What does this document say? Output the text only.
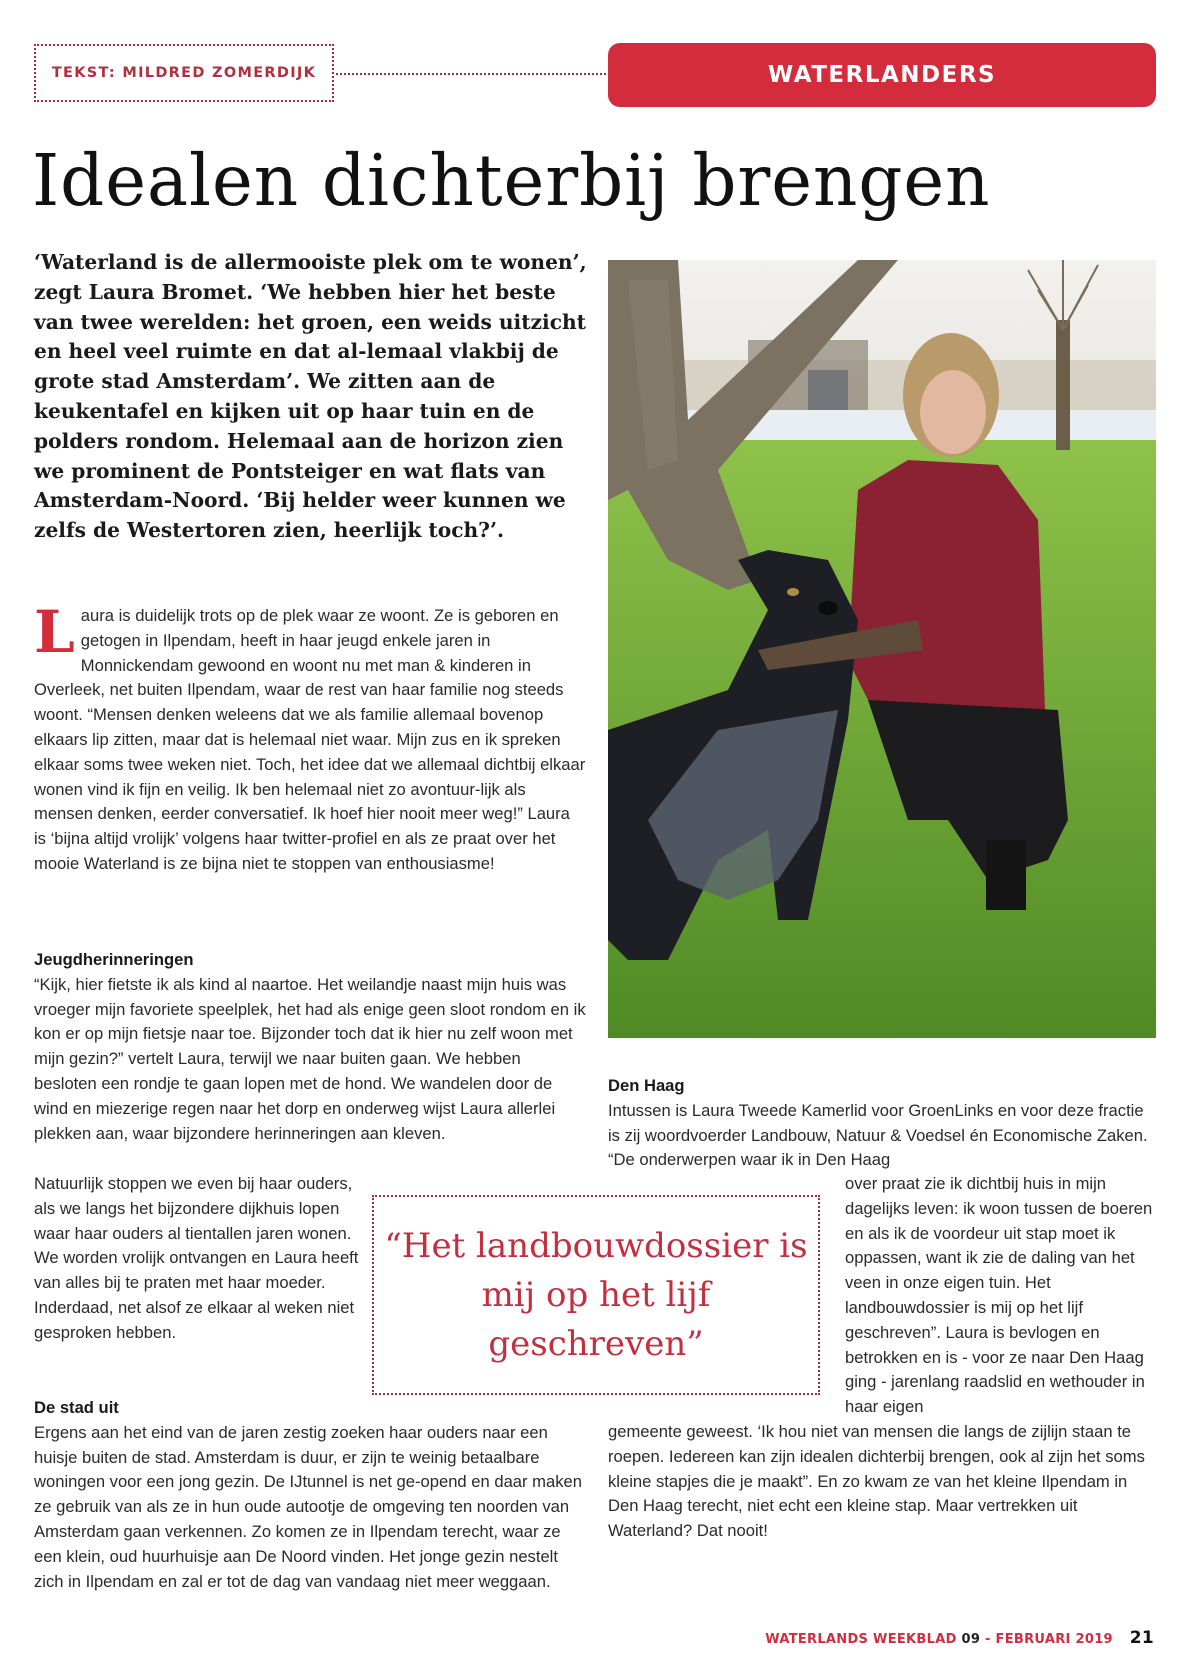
TEKST: MILDRED ZOMERDIJK	WATERLANDERS
Idealen dichterbij brengen

‘Waterland is de allermooiste plek om te wonen’, zegt Laura Bromet. ‘We hebben hier het beste van twee werelden: het groen, een weids uitzicht en heel veel ruimte en dat al-lemaal vlakbij de grote stad Amsterdam’. We zitten aan de keukentafel en kijken uit op haar tuin en de polders rondom. Helemaal aan de horizon zien we prominent de Pontsteiger en wat flats van Amsterdam-Noord. ‘Bij helder weer kunnen we zelfs de Westertoren zien, heerlijk toch?’.

L aura is duidelijk trots op de plek waar ze woont. Ze is geboren en getogen in Ilpendam, heeft in haar jeugd enkele jaren in Monnickendam gewoond en woont nu met man & kinderen in Overleek, net buiten Ilpendam, waar de rest van haar familie nog steeds woont. “Mensen denken weleens dat we als familie allemaal bovenop elkaars lip zitten, maar dat is helemaal niet waar. Mijn zus en ik spreken elkaar soms twee weken niet. Toch, het idee dat we allemaal dichtbij elkaar wonen vind ik fijn en veilig. Ik ben helemaal niet zo avontuur-lijk als mensen denken, eerder conversatief. Ik hoef hier nooit meer weg!” Laura is ‘bijna altijd vrolijk’ volgens haar twitter-profiel en als ze praat over het mooie Waterland is ze bijna niet te stoppen van enthousiasme!

Jeugdherinneringen

“Kijk, hier fietste ik als kind al naartoe. Het weilandje naast mijn huis was vroeger mijn favoriete speelplek, het had als enige geen sloot rondom en ik kon er op mijn fietsje naar toe. Bijzonder toch dat ik hier nu zelf woon met mijn gezin?” vertelt Laura, terwijl we naar buiten gaan. We hebben besloten een rondje te gaan lopen met de hond. We wandelen door de wind en miezerige regen naar het dorp en onderweg wijst Laura allerlei plekken aan, waar bijzondere herinneringen aan kleven.

Natuurlijk stoppen we even bij haar ouders, als we langs het bijzondere dijkhuis lopen waar haar ouders al tientallen jaren wonen. We worden vrolijk ontvangen en Laura heeft van alles bij te praten met haar moeder. Inderdaad, net alsof ze elkaar al weken niet gesproken hebben.

De stad uit

Ergens aan het eind van de jaren zestig zoeken haar ouders naar een huisje buiten de stad. Amsterdam is duur, er zijn te weinig betaalbare woningen voor een jong gezin. De IJtunnel is net ge-opend en daar maken ze gebruik van als ze in hun oude autootje de omgeving ten noorden van Amsterdam gaan verkennen. Zo komen ze in Ilpendam terecht, waar ze een klein, oud huurhuisje aan De Noord vinden. Het jonge gezin nestelt zich in Ilpendam en zal er tot de dag van vandaag niet meer weggaan.

Den Haag

Intussen is Laura Tweede Kamerlid voor GroenLinks en voor deze fractie is zij woordvoerder Landbouw, Natuur & Voedsel én Economische Zaken. “De onderwerpen waar ik in Den Haag

over praat zie ik dichtbij huis in mijn dagelijks leven: ik woon tussen de boeren en als ik de voordeur uit stap moet ik oppassen, want ik zie de daling van het veen in onze eigen tuin. Het landbouwdossier is mij op het lijf geschreven”. Laura is bevlogen en betrokken en is - voor ze naar Den Haag ging - jarenlang raadslid en wethouder in haar eigen

gemeente geweest. ‘Ik hou niet van mensen die langs de zijlijn staan te roepen. Iedereen kan zijn idealen dichterbij brengen, ook al zijn het soms kleine stapjes die je maakt”. En zo kwam ze van het kleine Ilpendam in Den Haag terecht, niet echt een kleine stap. Maar vertrekken uit Waterland? Dat nooit!

“Het landbouwdossier is mij op het lijf geschreven”

WATERLANDS WEEKBLAD 09 - FEBRUARI 2019 21
